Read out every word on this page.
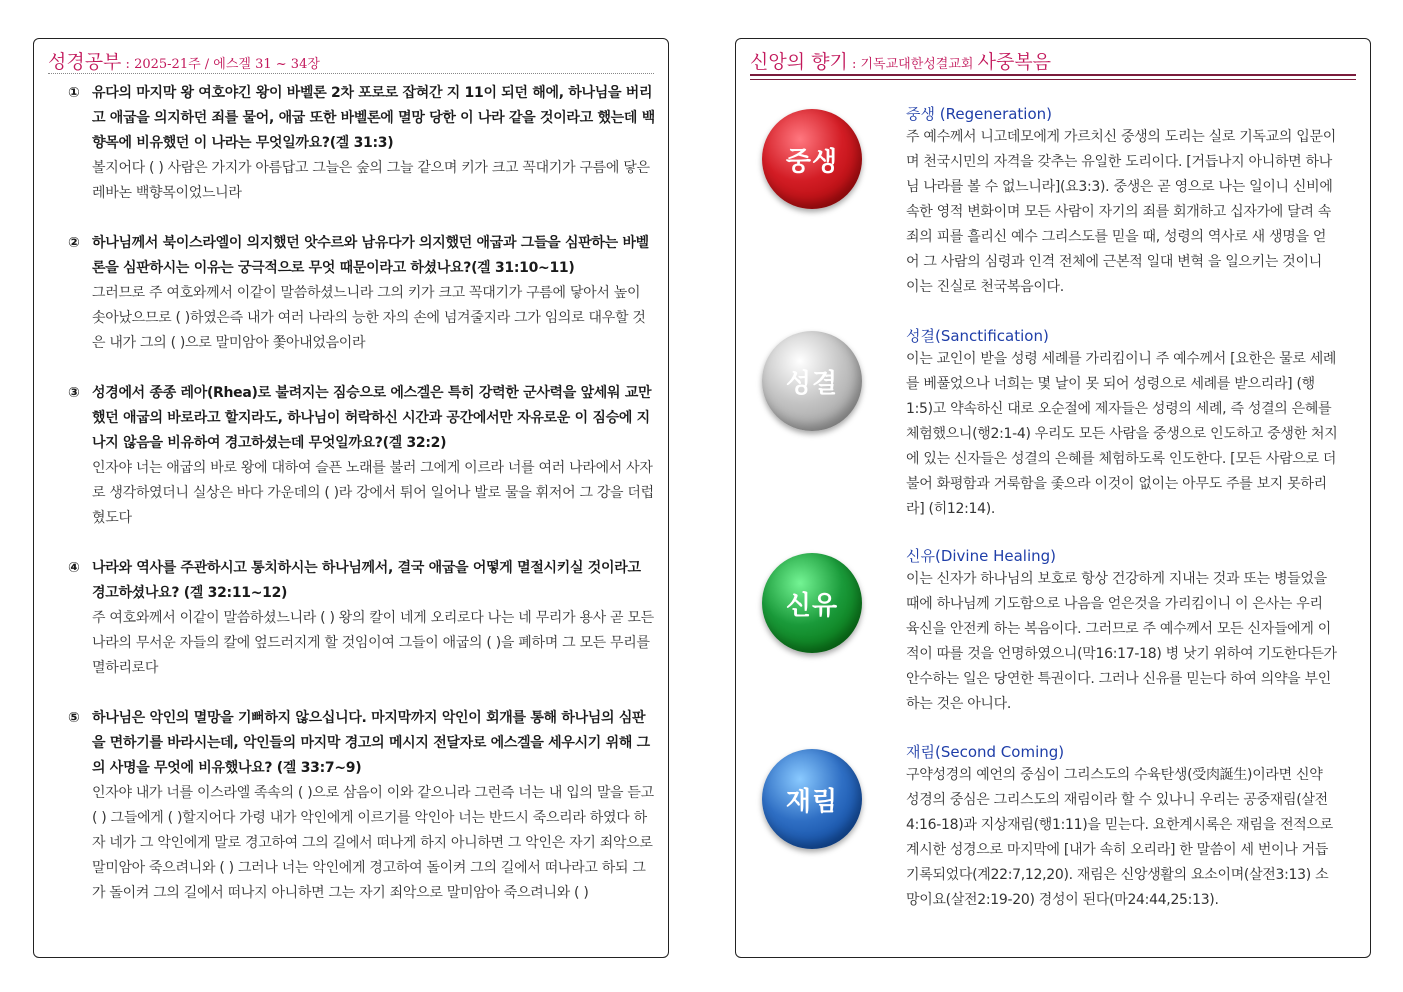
성경공부 : 2025-21주 / 에스겔 31 ~ 34장
① 유다의 마지막 왕 여호야긴 왕이 바벨론 2차 포로로 잡혀간 지 11이 되던 해에, 하나님을 버리고 애굽을 의지하던 죄를 물어, 애굽 또한 바벨론에 멸망 당한 이 나라 같을 것이라고 했는데 백향목에 비유했던 이 나라는 무엇일까요?(겔 31:3)
볼지어다 ( ) 사람은 가지가 아름답고 그늘은 숲의 그늘 같으며 키가 크고 꼭대기가 구름에 닿은 레바논 백향목이었느니라
② 하나님께서 북이스라엘이 의지했던 앗수르와 남유다가 의지했던 애굽과 그들을 심판하는 바벨론을 심판하시는 이유는 궁극적으로 무엇 때문이라고 하셨나요?(겔 31:10~11)
그러므로 주 여호와께서 이같이 말씀하셨느니라 그의 키가 크고 꼭대기가 구름에 닿아서 높이 솟아났으므로 ( )하였은즉 내가 여러 나라의 능한 자의 손에 넘겨줄지라 그가 임의로 대우할 것은 내가 그의 ( )으로 말미암아 쫓아내었음이라
③ 성경에서 종종 레아(Rhea)로 불려지는 짐승으로 에스겔은 특히 강력한 군사력을 앞세워 교만했던 애굽의 바로라고 할지라도, 하나님이 허락하신 시간과 공간에서만 자유로운 이 짐승에 지나지 않음을 비유하여 경고하셨는데 무엇일까요?(겔 32:2)
인자야 너는 애굽의 바로 왕에 대하여 슬픈 노래를 불러 그에게 이르라 너를 여러 나라에서 사자로 생각하였더니 실상은 바다 가운데의 ( )라 강에서 튀어 일어나 발로 물을 휘저어 그 강을 더럽혔도다
④ 나라와 역사를 주관하시고 통치하시는 하나님께서, 결국 애굽을 어떻게 멸절시키실 것이라고 경고하셨나요? (겔 32:11~12)
주 여호와께서 이같이 말씀하셨느니라 ( ) 왕의 칼이 네게 오리로다 나는 네 무리가 용사 곧 모든 나라의 무서운 자들의 칼에 엎드러지게 할 것임이여 그들이 애굽의 ( )을 폐하며 그 모든 무리를 멸하리로다
⑤ 하나님은 악인의 멸망을 기뻐하지 않으십니다. 마지막까지 악인이 회개를 통해 하나님의 심판을 면하기를 바라시는데, 악인들의 마지막 경고의 메시지 전달자로 에스겔을 세우시기 위해 그의 사명을 무엇에 비유했나요? (겔 33:7~9)
인자야 내가 너를 이스라엘 족속의 ( )으로 삼음이 이와 같으니라 그런즉 너는 내 입의 말을 듣고 ( ) 그들에게 ( )할지어다 가령 내가 악인에게 이르기를 악인아 너는 반드시 죽으리라 하였다 하자 네가 그 악인에게 말로 경고하여 그의 길에서 떠나게 하지 아니하면 그 악인은 자기 죄악으로 말미암아 죽으려니와 ( ) 그러나 너는 악인에게 경고하여 돌이켜 그의 길에서 떠나라고 하되 그가 돌이켜 그의 길에서 떠나지 아니하면 그는 자기 죄악으로 말미암아 죽으려니와 ( )
신앙의 향기 : 기독교대한성결교회 사중복음
중생
중생 (Regeneration)
주 예수께서 니고데모에게 가르치신 중생의 도리는 실로 기독교의 입문이며 천국시민의 자격을 갖추는 유일한 도리이다. [거듭나지 아니하면 하나님 나라를 볼 수 없느니라](요3:3). 중생은 곧 영으로 나는 일이니 신비에 속한 영적 변화이며 모든 사람이 자기의 죄를 회개하고 십자가에 달려 속죄의 피를 흘리신 예수 그리스도를 믿을 때, 성령의 역사로 새 생명을 얻어 그 사람의 심령과 인격 전체에 근본적 일대 변혁 을 일으키는 것이니 이는 진실로 천국복음이다.
성결
성결(Sanctification)
이는 교인이 받을 성령 세례를 가리킴이니 주 예수께서 [요한은 물로 세례를 베풀었으나 너희는 몇 날이 못 되어 성령으로 세례를 받으리라] (행1:5)고 약속하신 대로 오순절에 제자들은 성령의 세례, 즉 성결의 은혜를 체험했으니(행2:1-4) 우리도 모든 사람을 중생으로 인도하고 중생한 처지에 있는 신자들은 성결의 은혜를 체험하도록 인도한다. [모든 사람으로 더불어 화평함과 거룩함을 좇으라 이것이 없이는 아무도 주를 보지 못하리라] (히12:14).
신유
신유(Divine Healing)
이는 신자가 하나님의 보호로 항상 건강하게 지내는 것과 또는 병들었을 때에 하나님께 기도함으로 나음을 얻은것을 가리킴이니 이 은사는 우리 육신을 안전케 하는 복음이다. 그러므로 주 예수께서 모든 신자들에게 이적이 따를 것을 언명하였으니(막16:17-18) 병 낫기 위하여 기도한다든가 안수하는 일은 당연한 특권이다. 그러나 신유를 믿는다 하여 의약을 부인하는 것은 아니다.
재림
재림(Second Coming)
구약성경의 예언의 중심이 그리스도의 수육탄생(受肉誕生)이라면 신약 성경의 중심은 그리스도의 재림이라 할 수 있나니 우리는 공중재림(살전4:16-18)과 지상재림(행1:11)을 믿는다. 요한계시록은 재림을 전적으로 계시한 성경으로 마지막에 [내가 속히 오리라] 한 말씀이 세 번이나 거듭 기록되었다(계22:7,12,20). 재림은 신앙생활의 요소이며(살전3:13) 소망이요(살전2:19-20) 경성이 된다(마24:44,25:13).
